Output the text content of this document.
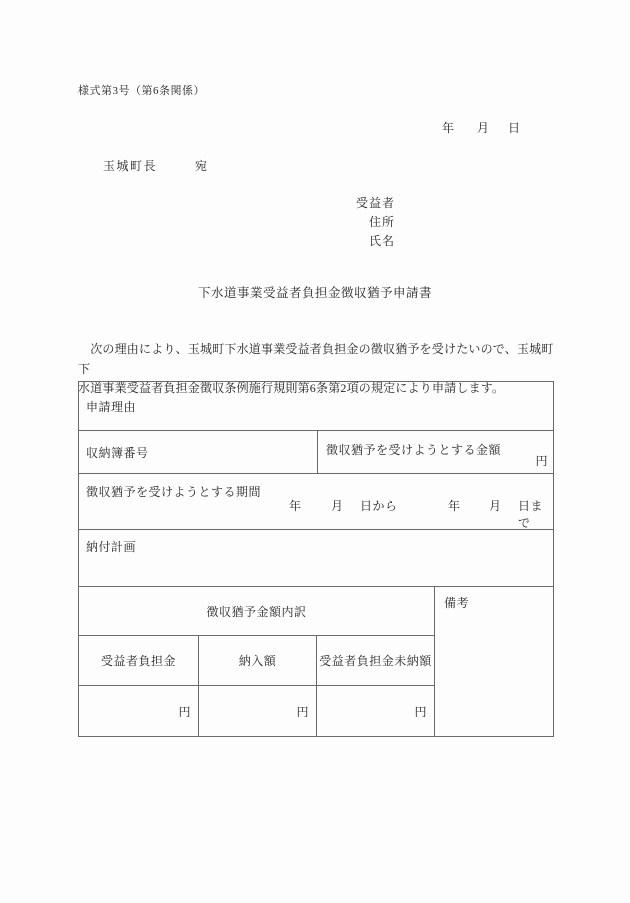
様式第3号（第6条関係）
年 月 日
玉城町長	宛
受益者
住所
氏名
下水道事業受益者負担金徴収猶予申請書
　次の理由により、玉城町下水道事業受益者負担金の徴収猶予を受けたいので、玉城町下
水道事業受益者負担金徴収条例施行規則第6条第2項の規定により申請します。
申請理由
収納簿番号	徴収猶予を受けようとする金額
円
徴収猶予を受けようとする期間
年 月 日から	年 月 日まで
納付計画
徴収猶予金額内訳
受益者負担金	納入額	受益者負担金未納額
円	円	円
備考
